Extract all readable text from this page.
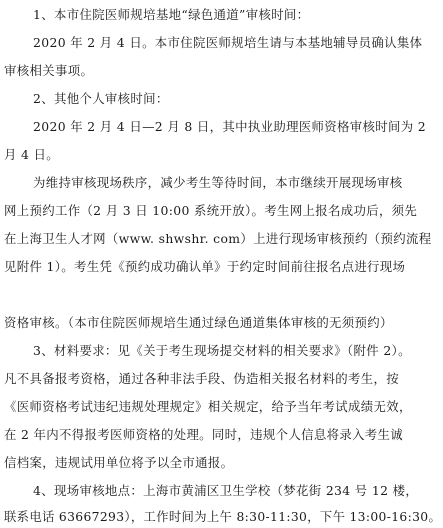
1、本市住院医师规培基地“绿色通道”审核时间：
2020 年 2 月 4 日。本市住院医师规培生请与本基地辅导员确认集体
审核相关事项。
2、其他个人审核时间：
2020 年 2 月 4 日—2 月 8 日，其中执业助理医师资格审核时间为 2
月 4 日。
为维持审核现场秩序，减少考生等待时间，本市继续开展现场审核
网上预约工作（2 月 3 日 10:00 系统开放）。考生网上报名成功后，须先
在上海卫生人才网（www. shwshr. com）上进行现场审核预约（预约流程
见附件 1）。考生凭《预约成功确认单》于约定时间前往报名点进行现场
资格审核。（本市住院医师规培生通过绿色通道集体审核的无须预约）
3、材料要求：见《关于考生现场提交材料的相关要求》（附件 2）。
凡不具备报考资格，通过各种非法手段、伪造相关报名材料的考生，按
《医师资格考试违纪违规处理规定》相关规定，给予当年考试成绩无效，
在 2 年内不得报考医师资格的处理。同时，违规个人信息将录入考生诚
信档案，违规试用单位将予以全市通报。
4、现场审核地点：上海市黄浦区卫生学校（梦花街 234 号 12 楼，
联系电话 63667293），工作时间为上午 8:30-11:30，下午 13:00-16:30。
